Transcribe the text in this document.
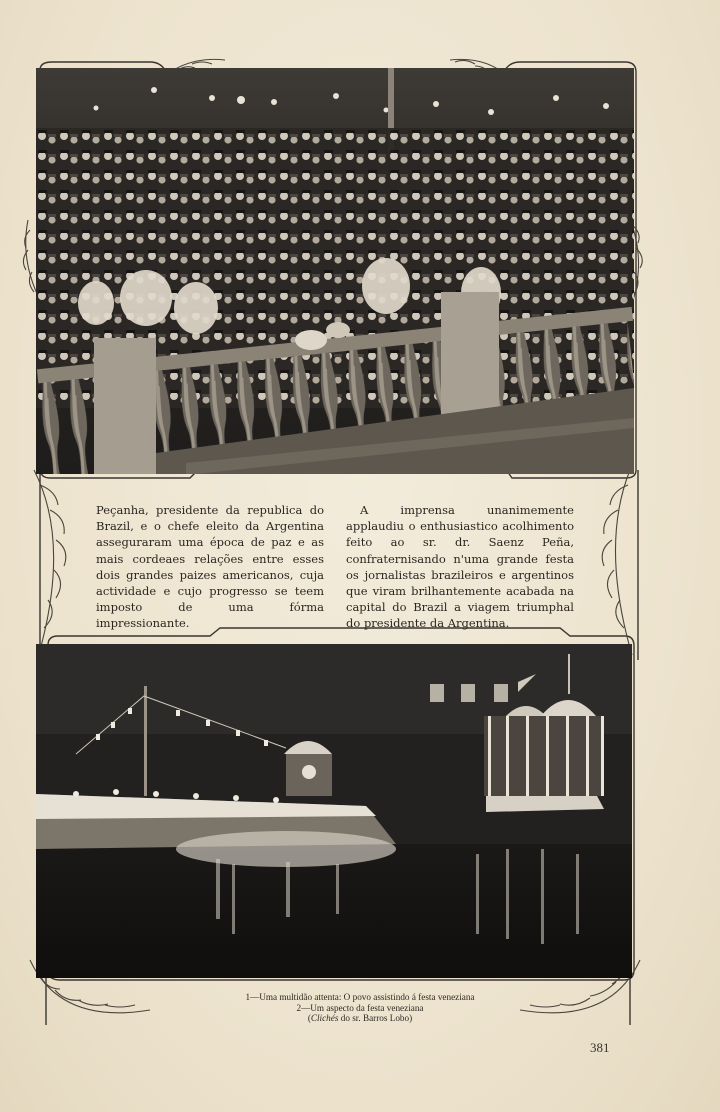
Peçanha, presidente da republica do Brazil, e o chefe eleito da Argentina asseguraram uma época de paz e as mais cordeaes relações entre esses dois grandes paizes americanos, cuja actividade e cujo progresso se teem imposto de uma fórma impressionante.

A imprensa unanimemente applaudiu o enthusiastico acolhimento feito ao sr. dr. Saenz Peña, confraternisando n'uma grande festa os jornalistas brazileiros e argentinos que viram brilhantemente acabada na capital do Brazil a viagem triumphal do presidente da Argentina.

1—Uma multidão attenta: O povo assistindo á festa veneziana
2—Um aspecto da festa veneziana
(Clichés do sr. Barros Lobo)
381
